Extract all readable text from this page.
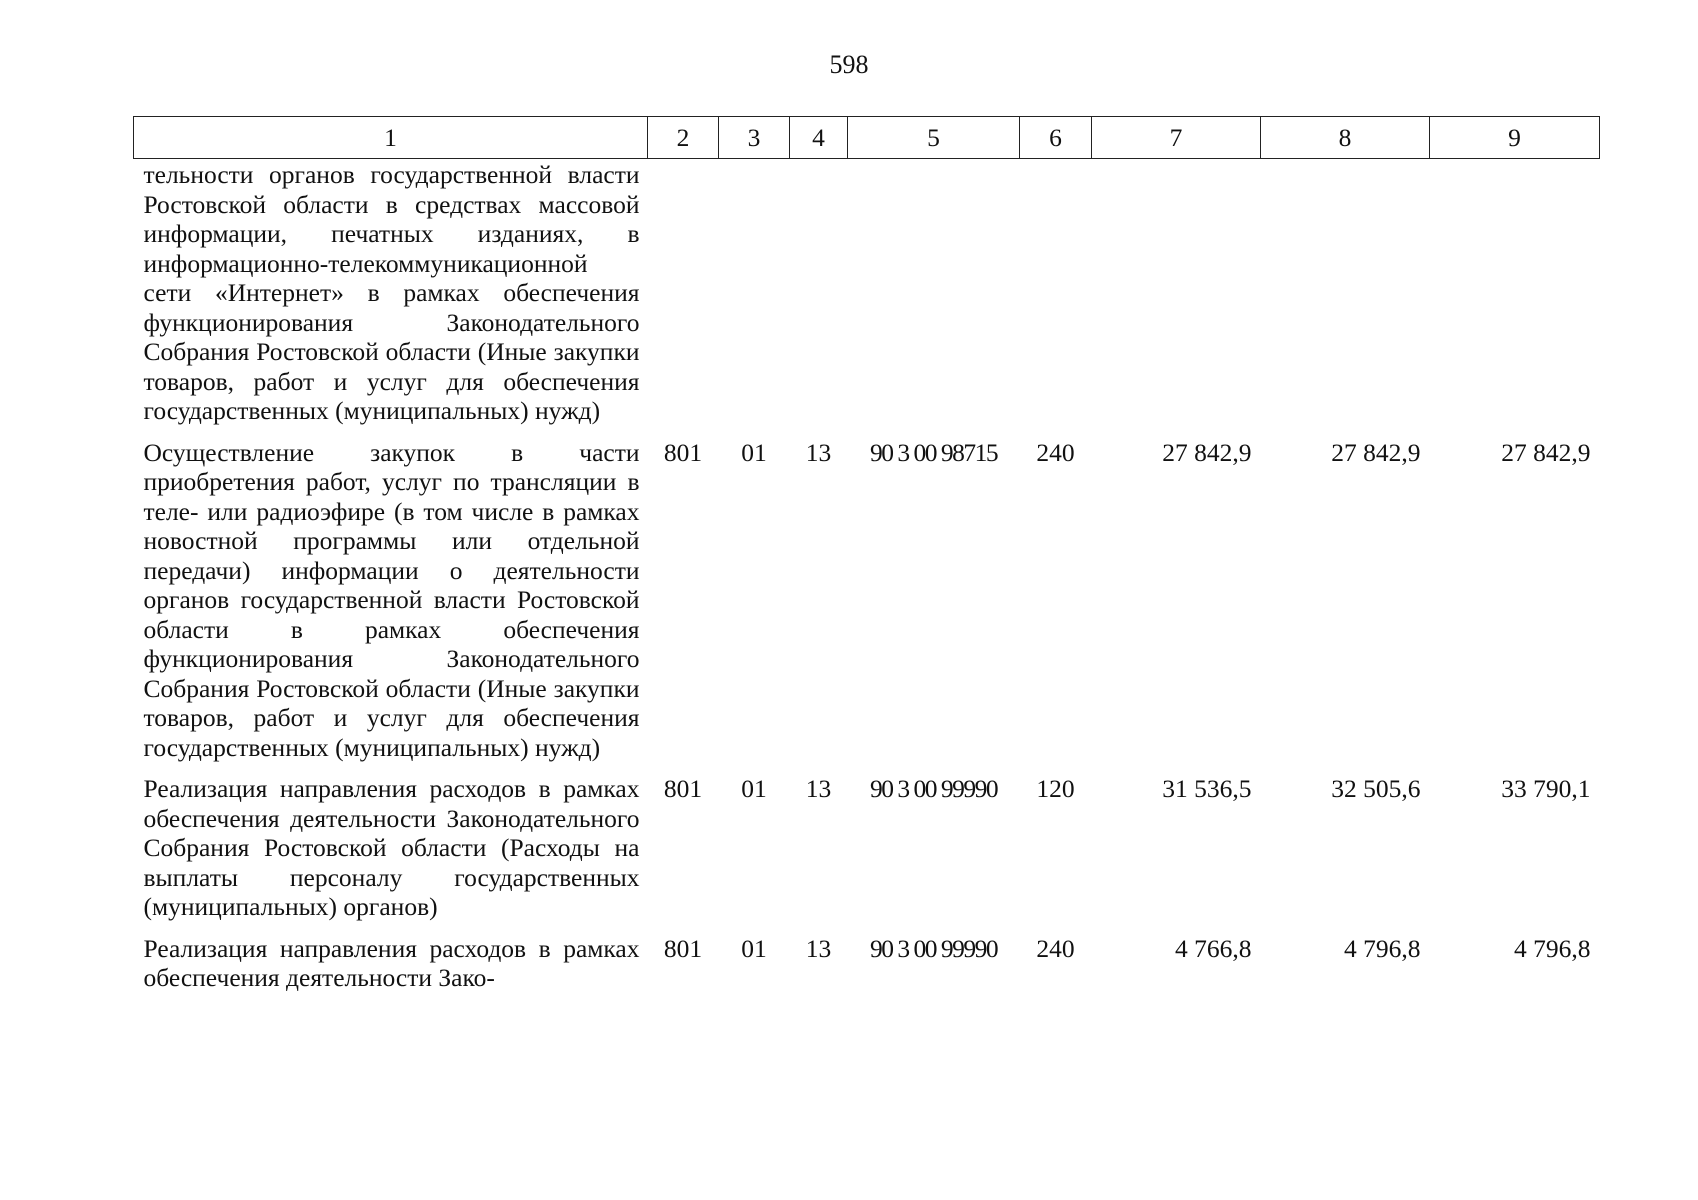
598
1	2	3	4	5	6	7	8	9
тельности органов государственной власти Ростовской области в средствах массовой информации, печатных изданиях, в информационно-телекоммуникационной сети «Интернет» в рамках обеспечения функционирования Законодательного Собрания Ростовской области (Иные закупки товаров, работ и услуг для обеспечения государственных (муниципальных) нужд)								
Осуществление закупок в части приобретения работ, услуг по трансляции в теле- или радиоэфире (в том числе в рамках новостной программы или отдельной передачи) информации о деятельности органов государственной власти Ростовской области в рамках обеспечения функционирования Законодательного Собрания Ростовской области (Иные закупки товаров, работ и услуг для обеспечения государственных (муниципальных) нужд)	801	01	13	90 3 00 98715	240	27 842,9	27 842,9	27 842,9
Реализация направления расходов в рамках обеспечения деятельности Законодательного Собрания Ростовской области (Расходы на выплаты персоналу государственных (муниципальных) органов)	801	01	13	90 3 00 99990	120	31 536,5	32 505,6	33 790,1
Реализация направления расходов в рамках обеспечения деятельности Зако-	801	01	13	90 3 00 99990	240	4 766,8	4 796,8	4 796,8
